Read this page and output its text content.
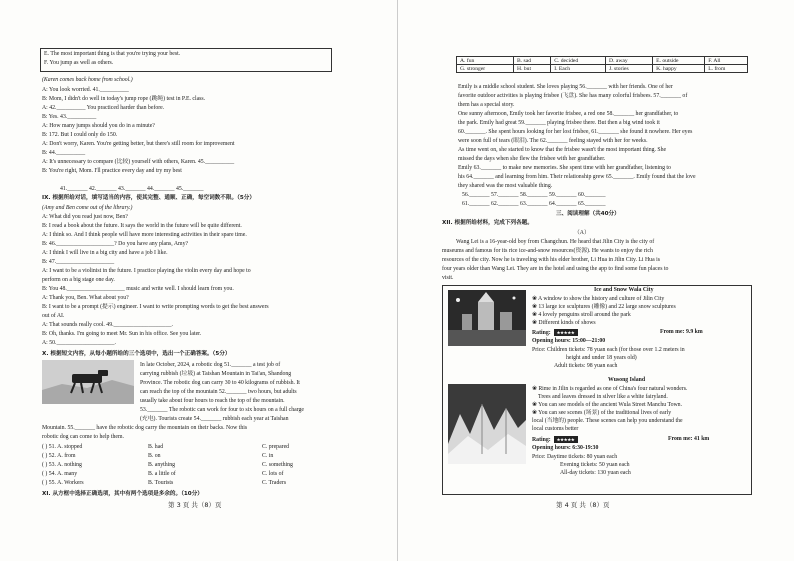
E. The most important thing is that you're trying your best.
F. You jump as well as others.
(Karen comes back home from school.)
A: You look worried. 41.__________
B: Mom, I didn't do well in today's jump rope (跳绳) test in P.E. class.
A: 42.__________ You practiced harder than before.
B: Yes. 43.__________
A: How many jumps should you do in a minute?
B: 172. But I could only do 150.
A: Don't worry, Karen. You're getting better, but there's still room for improvement
B: 44.__________
A: It's unnecessary to compare (比较) yourself with others, Karen. 45.__________
B: You're right, Mom. I'll practice every day and try my best
41._______ 42._______ 43._______ 44._______ 45._______
IX. 根据所给对话，填写适当的内容，使其完整、通顺、正确，每空词数不限。（5分）
(Amy and Ben come out of the library.)
A: What did you read just now, Ben?
B: I read a book about the future. It says the world in the future will be quite different.
A: I think so. And I think people will have more interesting activities in their spare time.
B: 46.____________________? Do you have any plans, Amy?
A: I think I will live in a big city and have a job I like.
B: 47.____________________
A: I want to be a violinist in the future. I practice playing the violin every day and hope to
perform on a big stage one day.
B: You 48.____________________ music and write well. I should learn from you.
A: Thank you, Ben. What about you?
B: I want to be a prompt (提示) engineer. I want to write prompting words to get the best answers
out of AI.
A: That sounds really cool. 49.____________________.
B: Oh, thanks. I'm going to meet Mr. Sun in his office. See you later.
A: 50.____________________.
X. 根据短文内容，从每小题所给的三个选项中，选出一个正确答案。（5分）
In late October, 2024, a robotic dog 51._______ a test job of
carrying rubbish (垃圾) at Taishan Mountain in Tai'an, Shandong
Province. The robotic dog can carry 30 to 40 kilograms of rubbish. It
can reach the top of the mountain 52._______ two hours, but adults
usually take about four hours to reach the top of the mountain.
53._______ The robotic can work for four to six hours on a full charge
(充电). Tourists create 54._______ rubbish each year at Taishan
Mountain. 55._______ have the robotic dog carry the mountain on their backs. Now this
robotic dog can come to help them.
( ) 51. A. stopped	B. had	C. prepared
( ) 52. A. from	B. on	C. in
( ) 53. A. nothing	B. anything	C. something
( ) 54. A. many	B. a little of	C. lots of
( ) 55. A. Workers	B. Tourists	C. Traders
XI. 从方框中选择正确选项，其中有两个选项是多余的。（10分）
第 3 页 共（8）页
A. fun	B. sad	C. decided	D. away	E. outside	F. All
G. stronger	H. but	I. Each	J. stories	K. happy	L. from
Emily is a middle school student. She loves playing 56._______ with her friends. One of her
favorite outdoor activities is playing frisbee (飞盘). She has many colorful frisbees. 57._______ of
them has a special story.
One sunny afternoon, Emily took her favorite frisbee, a red one 58._______ her grandfather, to
the park. Emily had great 59._______ playing frisbee there. But then a big wind took it
60._______. She spent hours looking for her lost frisbee, 61._______ she found it nowhere. Her eyes
were soon full of tears (眼泪). The 62._______ feeling stayed with her for weeks.
As time went on, she started to know that the frisbee wasn't the most important thing. She
missed the days when she flew the frisbee with her grandfather.
Emily 63._______ to make new memories. She spent time with her grandfather, listening to
his 64._______ and learning from him. Their relationship grew 65._______. Emily found that the love
they shared was the most valuable thing.
56._______ 57._______ 58._______ 59._______ 60._______
61._______ 62._______ 63._______ 64._______ 65._______
三、阅读理解（共40分）
XII. 根据所给材料，完成下列各题。
（A）
Wang Lei is a 16-year-old boy from Changchun. He heard that Jilin City is the city of
museums and famous for its rice ice-and-snow resources(资源). He wants to enjoy the rich
resources of the city. Now he is traveling with his elder brother, Li Hua in Jilin City. Li Hua is
four years older than Wang Lei. They are in the hotel and using the app to find some fun places to
visit.
Ice and Snow Wala City
❀ A window to show the history and culture of Jilin City
❀ 13 large ice sculptures (雕像) and 22 large snow sculptures
❀ 4 lovely penguins stroll around the park
❀ Different kinds of shows
Rating: ★★★★★	From me: 9.9 km
Opening hours: 15:00—21:00
Price: Children tickets: 78 yuan each (for those over 1.2 meters in
height and under 18 years old)
Adult tickets: 98 yuan each
Wusong Island
❀ Rime in Jilin is regarded as one of China's four natural wonders.
Trees and leaves dressed in silver like a white fairyland.
❀ You can see models of the ancient Wula Street Manchu Town.
❀ You can see scenes (场景) of the traditional lives of early
local (当地的) people. These scenes can help you understand the
local customs better
Rating: ★★★★★	From me: 41 km
Opening hours: 6:30-19:30
Price: Daytime tickets: 80 yuan each
Evening tickets: 50 yuan each
All-day tickets: 130 yuan each
第 4 页 共（8）页
